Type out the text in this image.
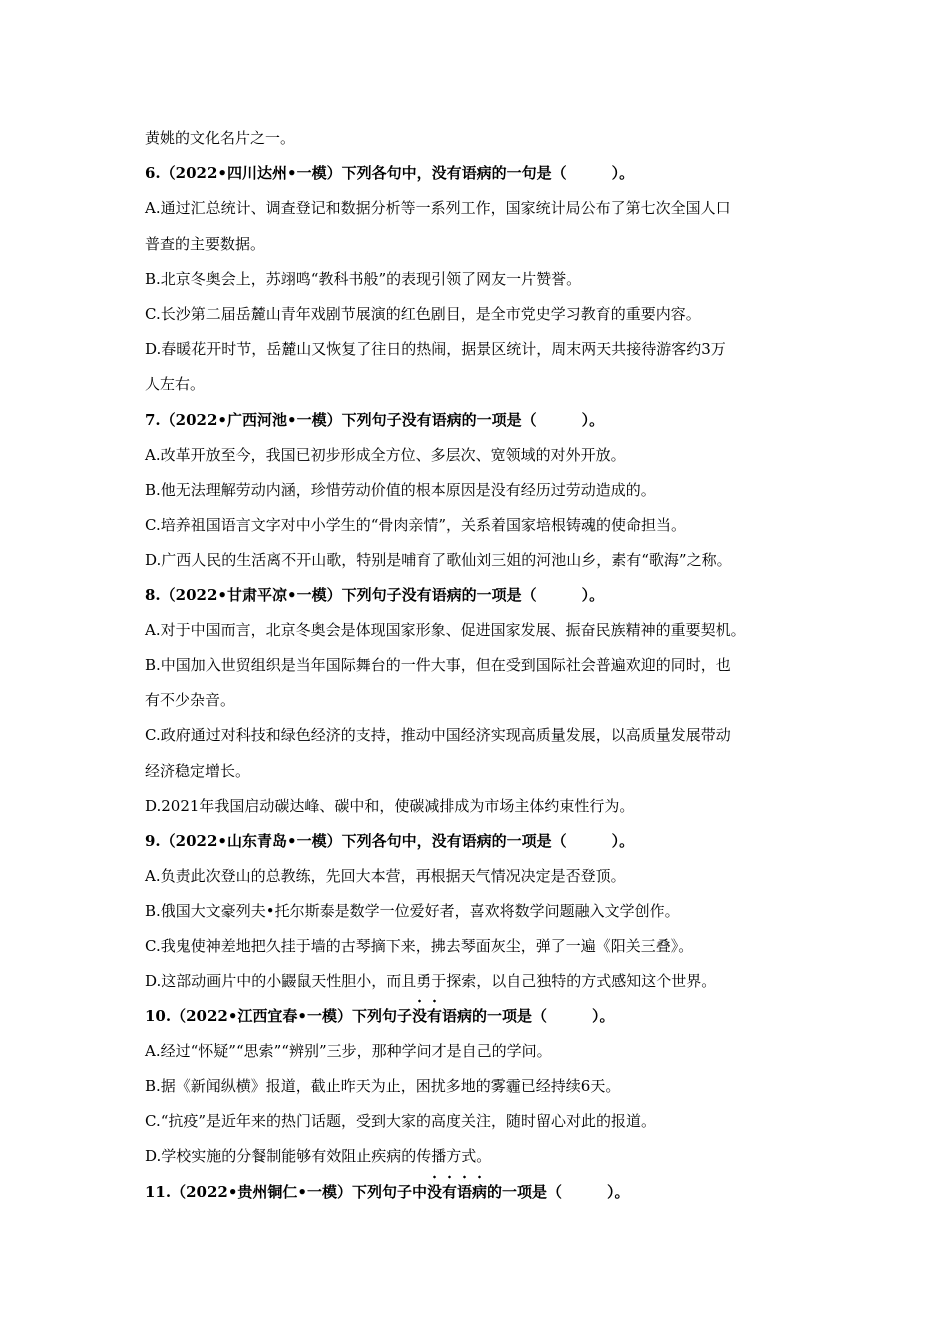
黄姚的文化名片之一。
6.（2022•四川达州•一模）下列各句中，没有语病的一句是（　　　）。
A.通过汇总统计、调查登记和数据分析等一系列工作，国家统计局公布了第七次全国人口
普查的主要数据。
B.北京冬奥会上，苏翊鸣“教科书般”的表现引领了网友一片赞誉。
C.长沙第二届岳麓山青年戏剧节展演的红色剧目，是全市党史学习教育的重要内容。
D.春暖花开时节，岳麓山又恢复了往日的热闹，据景区统计，周末两天共接待游客约3万
人左右。
7.（2022•广西河池•一模）下列句子没有语病的一项是（　　　）。
A.改革开放至今，我国已初步形成全方位、多层次、宽领域的对外开放。
B.他无法理解劳动内涵，珍惜劳动价值的根本原因是没有经历过劳动造成的。
C.培养祖国语言文字对中小学生的“骨肉亲情”，关系着国家培根铸魂的使命担当。
D.广西人民的生活离不开山歌，特别是哺育了歌仙刘三姐的河池山乡，素有“歌海”之称。
8.（2022•甘肃平凉•一模）下列句子没有语病的一项是（　　　）。
A.对于中国而言，北京冬奥会是体现国家形象、促进国家发展、振奋民族精神的重要契机。
B.中国加入世贸组织是当年国际舞台的一件大事，但在受到国际社会普遍欢迎的同时，也
有不少杂音。
C.政府通过对科技和绿色经济的支持，推动中国经济实现高质量发展，以高质量发展带动
经济稳定增长。
D.2021年我国启动碳达峰、碳中和，使碳减排成为市场主体约束性行为。
9.（2022•山东青岛•一模）下列各句中，没有语病的一项是（　　　）。
A.负责此次登山的总教练，先回大本营，再根据天气情况决定是否登顶。
B.俄国大文豪列夫•托尔斯泰是数学一位爱好者，喜欢将数学问题融入文学创作。
C.我鬼使神差地把久挂于墙的古琴摘下来，拂去琴面灰尘，弹了一遍《阳关三叠》。
D.这部动画片中的小鼹鼠天性胆小，而且勇于探索，以自己独特的方式感知这个世界。
10.（2022•江西宜春•一模）下列句子
没有语病的一项是（　　　）。
A.经过“怀疑”“思索”“辨别”三步，那种学问才是自己的学问。
B.据《新闻纵横》报道，截止昨天为止，困扰多地的雾霾已经持续6天。
C.“抗疫”是近年来的热门话题，受到大家的高度关注，随时留心对此的报道。
D.学校实施的分餐制能够有效阻止疾病的传播方式。
11.（2022•贵州铜仁•一模）下列句子中
没有语病的一项是（　　　）。
